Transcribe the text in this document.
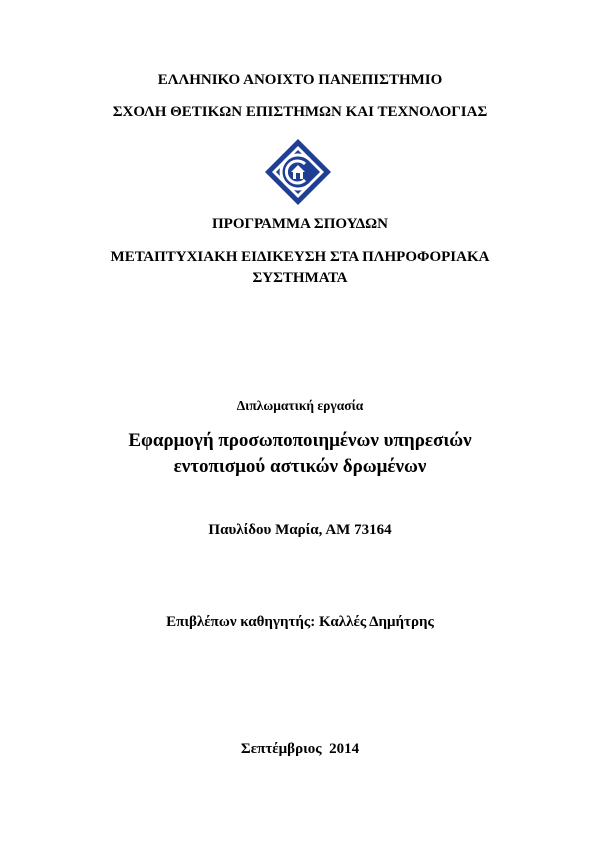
ΕΛΛΗΝΙΚΟ ΑΝΟΙΧΤΟ ΠΑΝΕΠΙΣΤΗΜΙΟ
ΣΧΟΛΗ ΘΕΤΙΚΩΝ ΕΠΙΣΤΗΜΩΝ ΚΑΙ ΤΕΧΝΟΛΟΓΙΑΣ
ΠΡΟΓΡΑΜΜΑ ΣΠΟΥΔΩΝ
ΜΕΤΑΠΤΥΧΙΑΚΗ ΕΙΔΙΚΕΥΣΗ ΣΤΑ ΠΛΗΡΟΦΟΡΙΑΚΑ
ΣΥΣΤΗΜΑΤΑ
Διπλωματική εργασία
Εφαρμογή προσωποποιημένων υπηρεσιών
εντοπισμού αστικών δρωμένων
Παυλίδου Μαρία, ΑΜ 73164
Επιβλέπων καθηγητής: Καλλές Δημήτρης
Σεπτέμβριος  2014
